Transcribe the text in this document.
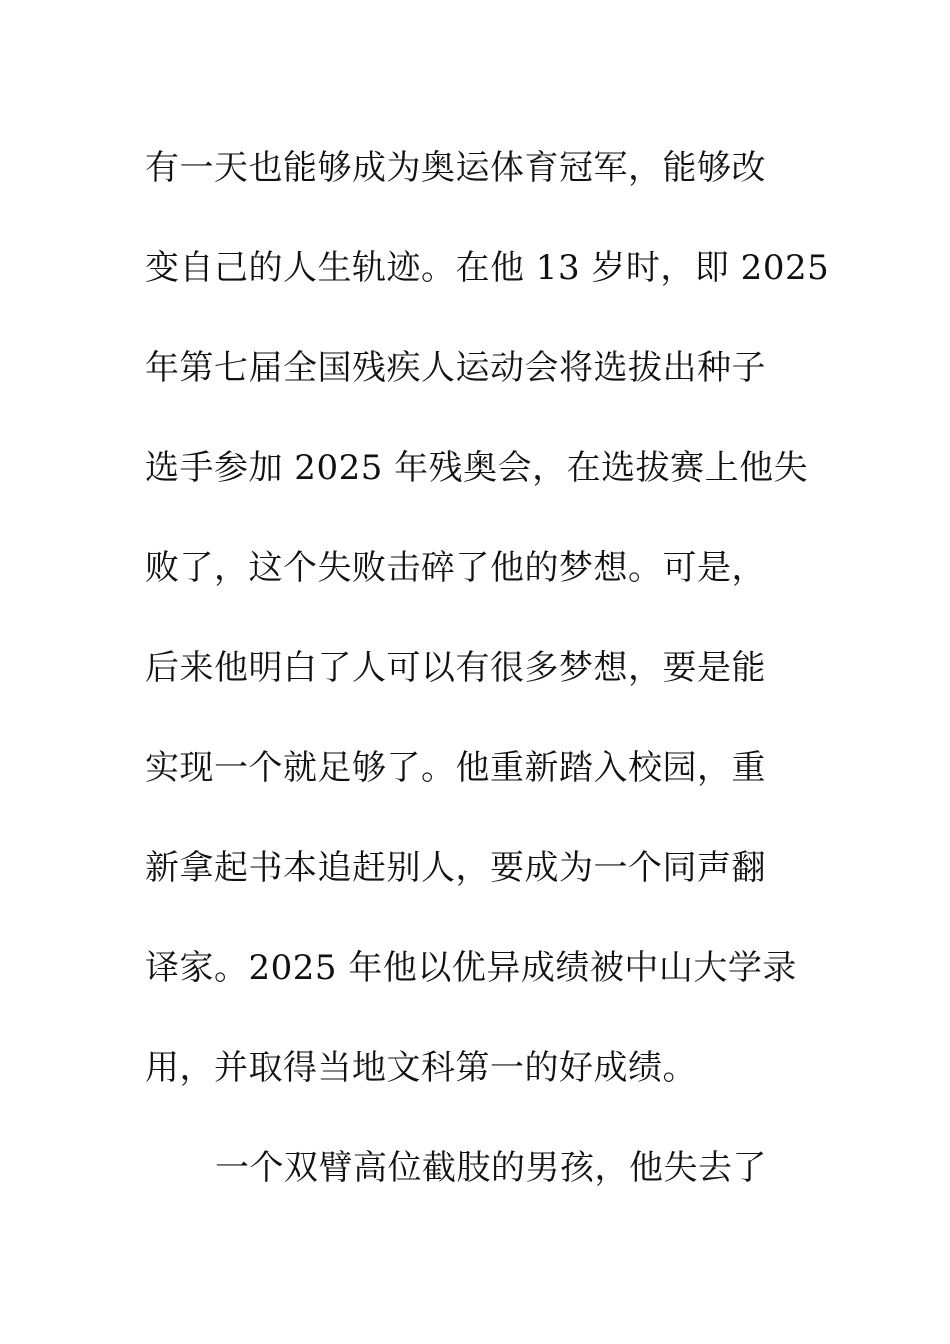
有一天也能够成为奥运体育冠军，能够改
变自己的人生轨迹。在他 13 岁时，即 2025
年第七届全国残疾人运动会将选拔出种子
选手参加 2025 年残奥会，在选拔赛上他失
败了，这个失败击碎了他的梦想。可是，
后来他明白了人可以有很多梦想，要是能
实现一个就足够了。他重新踏入校园，重
新拿起书本追赶别人，要成为一个同声翻
译家。2025 年他以优异成绩被中山大学录
用，并取得当地文科第一的好成绩。
一个双臂高位截肢的男孩，他失去了
